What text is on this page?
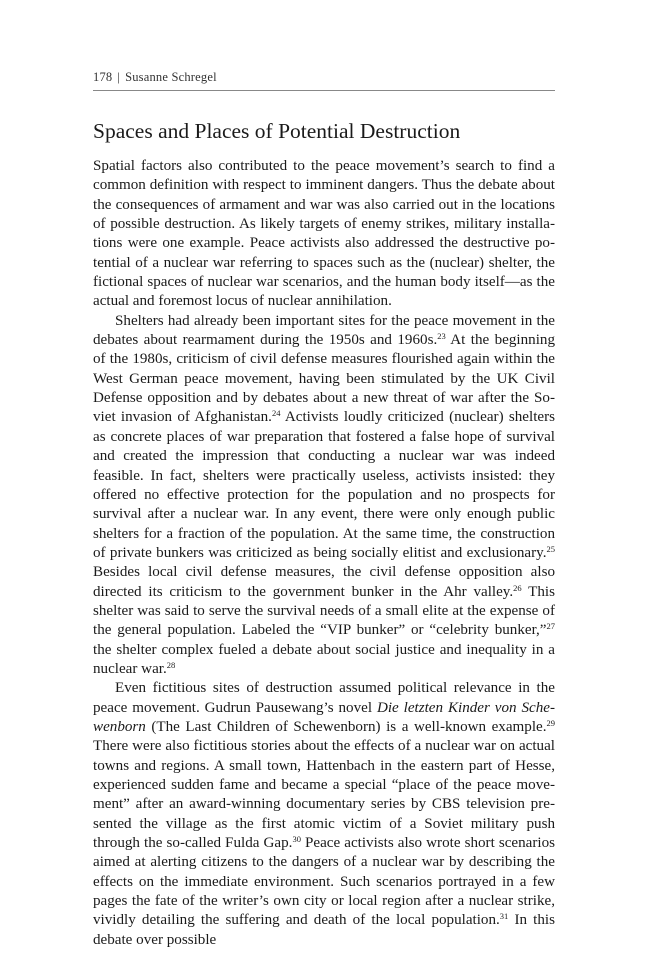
178 | Susanne Schregel
Spaces and Places of Potential Destruction

Spatial factors also contributed to the peace movement’s search to find a common definition with respect to imminent dangers. Thus the debate about the consequences of armament and war was also carried out in the locations of possible destruction. As likely targets of enemy strikes, military installations were one example. Peace activists also addressed the destructive potential of a nuclear war referring to spaces such as the (nuclear) shelter, the fictional spaces of nuclear war scenarios, and the human body itself—as the actual and foremost locus of nuclear annihilation.

Shelters had already been important sites for the peace movement in the debates about rearmament during the 1950s and 1960s.$^{23}$ At the beginning of the 1980s, criticism of civil defense measures flourished again within the West German peace movement, having been stimulated by the UK Civil Defense opposition and by debates about a new threat of war after the Soviet invasion of Afghanistan.$^{24}$ Activists loudly criticized (nuclear) shelters as concrete places of war preparation that fostered a false hope of survival and created the impression that conducting a nuclear war was indeed feasible. In fact, shelters were practically useless, activists insisted: they offered no effective protection for the population and no prospects for survival after a nuclear war. In any event, there were only enough public shelters for a fraction of the population. At the same time, the construction of private bunkers was criticized as being socially elitist and exclusionary.$^{25}$ Besides local civil defense measures, the civil defense opposition also directed its criticism to the government bunker in the Ahr valley.$^{26}$ This shelter was said to serve the survival needs of a small elite at the expense of the general population. Labeled the “VIP bunker” or “celebrity bunker,”$^{27}$ the shelter complex fueled a debate about social justice and inequality in a nuclear war.$^{28}$

Even fictitious sites of destruction assumed political relevance in the peace movement. Gudrun Pausewang’s novel Die letzten Kinder von Schewenborn (The Last Children of Schewenborn) is a well-known example.$^{29}$ There were also fictitious stories about the effects of a nuclear war on actual towns and regions. A small town, Hattenbach in the eastern part of Hesse, experienced sudden fame and became a special “place of the peace movement” after an award-winning documentary series by CBS television presented the village as the first atomic victim of a Soviet military push through the so-called Fulda Gap.$^{30}$ Peace activists also wrote short scenarios aimed at alerting citizens to the dangers of a nuclear war by describing the effects on the immediate environment. Such scenarios portrayed in a few pages the fate of the writer’s own city or local region after a nuclear strike, vividly detailing the suffering and death of the local population.$^{31}$ In this debate over possible
